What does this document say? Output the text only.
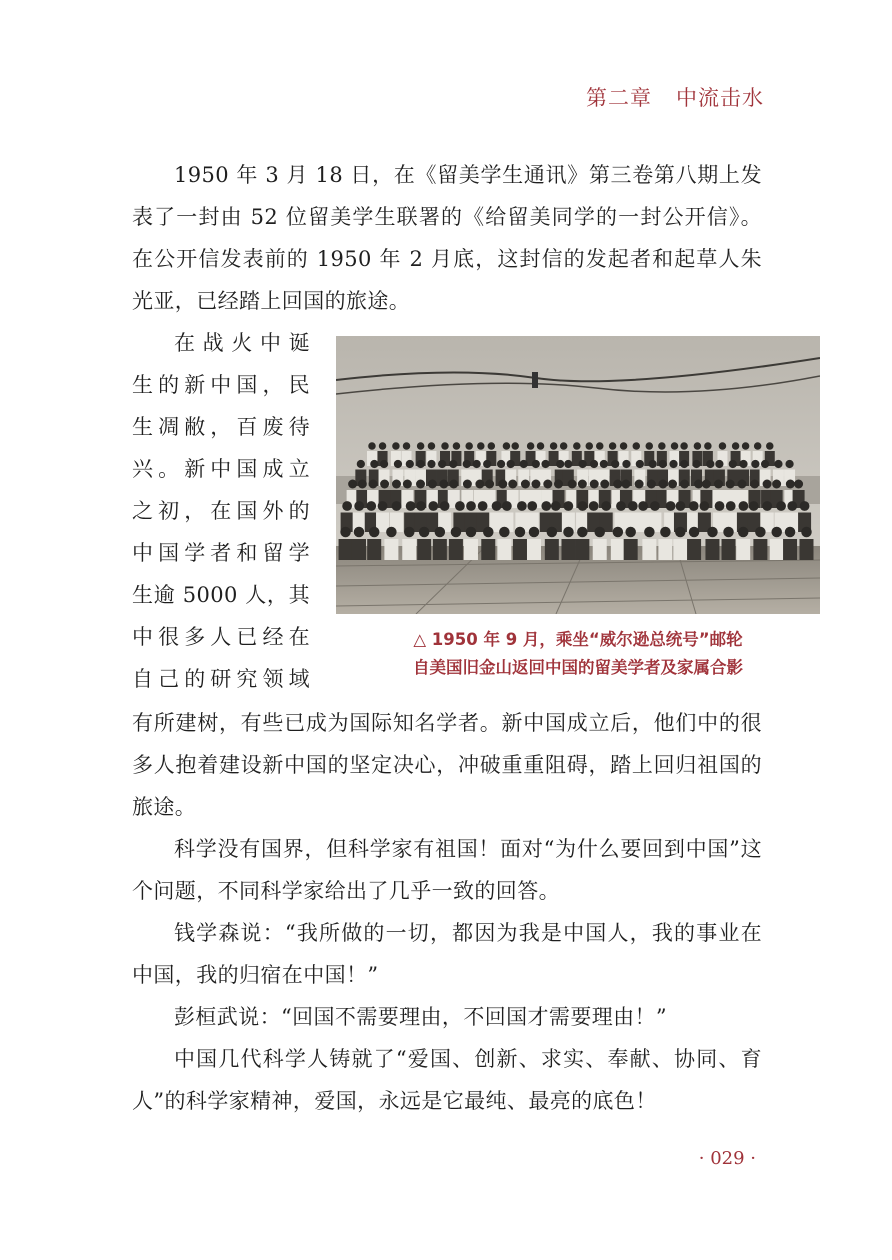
第二章 中流击水

1950 年 3 月 18 日，在《留美学生通讯》第三卷第八期上发表了一封由 52 位留美学生联署的《给留美同学的一封公开信》。在公开信发表前的 1950 年 2 月底，这封信的发起者和起草人朱光亚，已经踏上回国的旅途。

在战火中诞
生的新中国，民
生凋敝，百废待
兴。新中国成立
之初，在国外的
中国学者和留学
生逾 5000 人，其
中很多人已经在
自己的研究领域
△ 1950 年 9 月，乘坐“威尔逊总统号”邮轮
自美国旧金山返回中国的留美学者及家属合影

有所建树，有些已成为国际知名学者。新中国成立后，他们中的很多人抱着建设新中国的坚定决心，冲破重重阻碍，踏上回归祖国的旅途。

科学没有国界，但科学家有祖国！面对“为什么要回到中国”这个问题，不同科学家给出了几乎一致的回答。

钱学森说：“我所做的一切，都因为我是中国人，我的事业在中国，我的归宿在中国！”

彭桓武说：“回国不需要理由，不回国才需要理由！”

中国几代科学人铸就了“爱国、创新、求实、奉献、协同、育人”的科学家精神，爱国，永远是它最纯、最亮的底色！

· 029 ·
